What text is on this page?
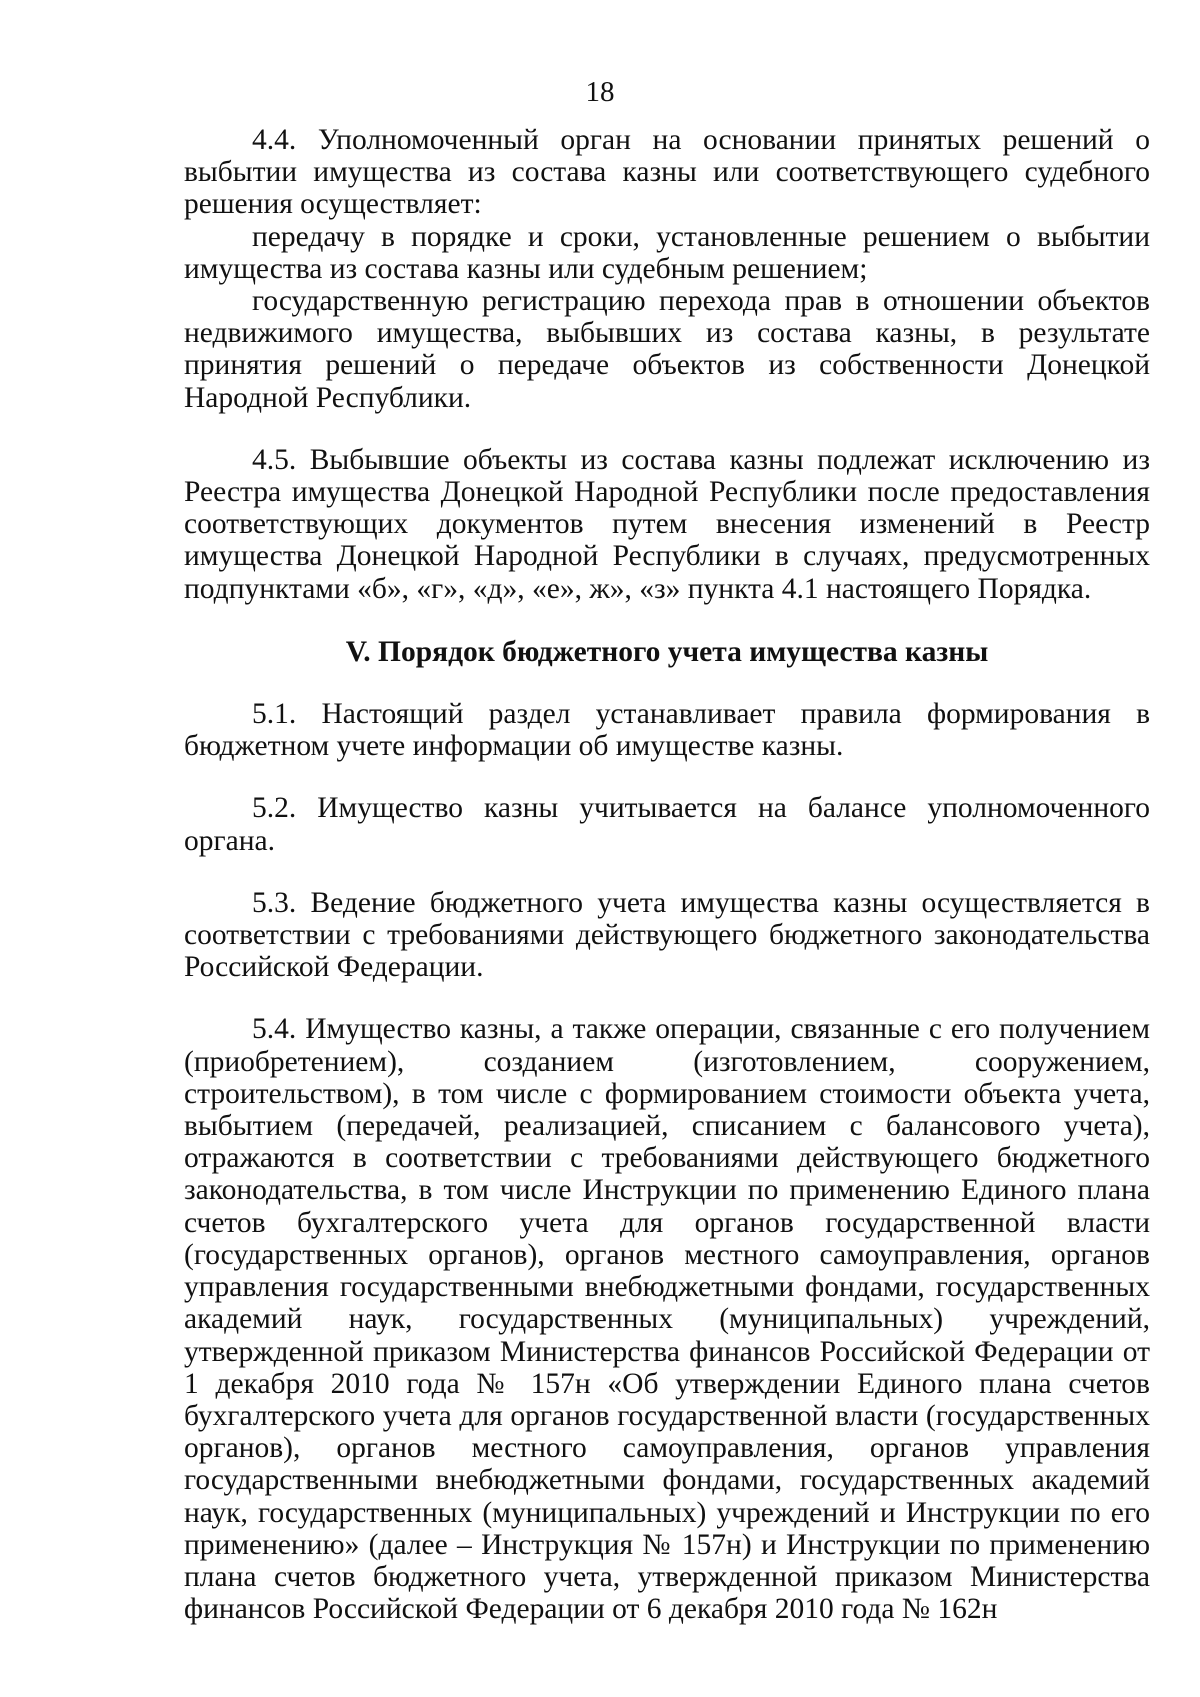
18

4.4. Уполномоченный орган на основании принятых решений о выбытии имущества из состава казны или соответствующего судебного решения осуществляет:

передачу в порядке и сроки, установленные решением о выбытии имущества из состава казны или судебным решением;

государственную регистрацию перехода прав в отношении объектов недвижимого имущества, выбывших из состава казны, в результате принятия решений о передаче объектов из собственности Донецкой Народной Республики.

4.5. Выбывшие объекты из состава казны подлежат исключению из Реестра имущества Донецкой Народной Республики после предоставления соответствующих документов путем внесения изменений в Реестр имущества Донецкой Народной Республики в случаях, предусмотренных подпунктами «б», «г», «д», «е», ж», «з» пункта 4.1 настоящего Порядка.

V. Порядок бюджетного учета имущества казны

5.1. Настоящий раздел устанавливает правила формирования в бюджетном учете информации об имуществе казны.

5.2. Имущество казны учитывается на балансе уполномоченного органа.

5.3. Ведение бюджетного учета имущества казны осуществляется в соответствии с требованиями действующего бюджетного законодательства Российской Федерации.

5.4. Имущество казны, а также операции, связанные с его получением (приобретением), созданием (изготовлением, сооружением, строительством), в том числе с формированием стоимости объекта учета, выбытием (передачей, реализацией, списанием с балансового учета), отражаются в соответствии с требованиями действующего бюджетного законодательства, в том числе Инструкции по применению Единого плана счетов бухгалтерского учета для органов государственной власти (государственных органов), органов местного самоуправления, органов управления государственными внебюджетными фондами, государственных академий наук, государственных (муниципальных) учреждений, утвержденной приказом Министерства финансов Российской Федерации от 1 декабря 2010 года № 157н «Об утверждении Единого плана счетов бухгалтерского учета для органов государственной власти (государственных органов), органов местного самоуправления, органов управления государственными внебюджетными фондами, государственных академий наук, государственных (муниципальных) учреждений и Инструкции по его применению» (далее – Инструкция № 157н) и Инструкции по применению плана счетов бюджетного учета, утвержденной приказом Министерства финансов Российской Федерации от 6 декабря 2010 года № 162н
